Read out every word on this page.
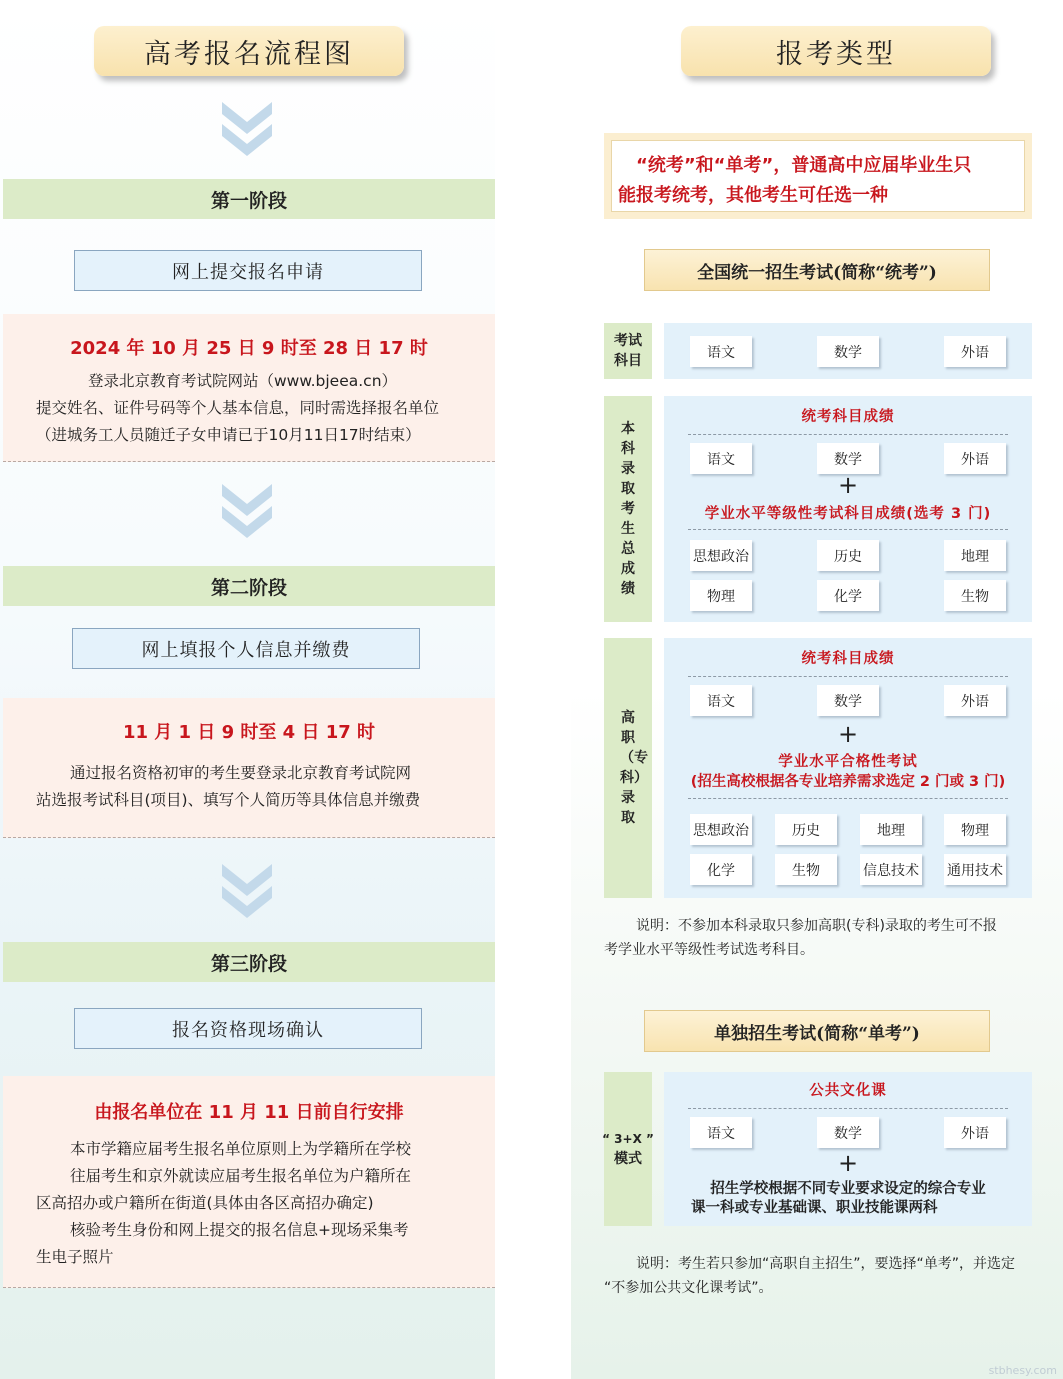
高考报名流程图
第一阶段
网上提交报名申请
2024 年 10 月 25 日 9 时至 28 日 17 时

登录北京教育考试院网站（www.bjeea.cn）

提交姓名、证件号码等个人基本信息，同时需选择报名单位

（进城务工人员随迁子女申请已于10月11日17时结束）

第二阶段
网上填报个人信息并缴费
11 月 1 日 9 时至 4 日 17 时

通过报名资格初审的考生要登录北京教育考试院网

站选报考试科目(项目)、填写个人简历等具体信息并缴费

第三阶段
报名资格现场确认
由报名单位在 11 月 11 日前自行安排

本市学籍应届考生报名单位原则上为学籍所在学校

往届考生和京外就读应届考生报名单位为户籍所在

区高招办或户籍所在街道(具体由各区高招办确定)

核验考生身份和网上提交的报名信息+现场采集考

生电子照片

报考类型
“统考”和“单考”，普通高中应届毕业生只
能报考统考，其他考生可任选一种
全国统一招生考试(简称“统考”)
考试科目
语文	数学	外语
本科录取考生总成绩
统考科目成绩
语文	数学	外语
+
学业水平等级性考试科目成绩(选考 3 门)
思想政治	历史	地理
物理	化学	生物
高职（专科）录取
统考科目成绩
语文	数学	外语
+
学业水平合格性考试
(招生高校根据各专业培养需求选定 2 门或 3 门)
思想政治	历史	地理	物理
化学	生物	信息技术 通用技术

说明：不参加本科录取只参加高职(专科)录取的考生可不报

考学业水平等级性考试选考科目。

单独招生考试(简称“单考”)
“ 3+X ”
模式
公共文化课
语文	数学	外语
+
招生学校根据不同专业要求设定的综合专业
课一科或专业基础课、职业技能课两科

说明：考生若只参加“高职自主招生”，要选择“单考”，并选定

“不参加公共文化课考试”。

stbhesy.com
